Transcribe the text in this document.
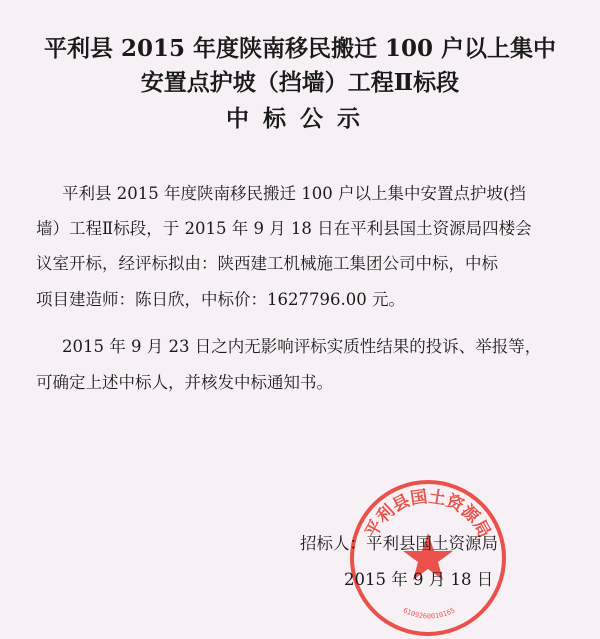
平利县 2015 年度陕南移民搬迁 100 户以上集中
安置点护坡（挡墙）工程Ⅱ标段
中标公示
平利县 2015 年度陕南移民搬迁 100 户以上集中安置点护坡(挡
墙）工程Ⅱ标段，于 2015 年 9 月 18 日在平利县国土资源局四楼会
议室开标，经评标拟由：陕西建工机械施工集团公司中标，中标
项目建造师：陈日欣，中标价：1627796.00 元。
2015 年 9 月 23 日之内无影响评标实质性结果的投诉、举报等，
可确定上述中标人，并核发中标通知书。
平利县国土资源局
6109260010165
招标人：平利县国土资源局
2015 年 9 月 18 日
